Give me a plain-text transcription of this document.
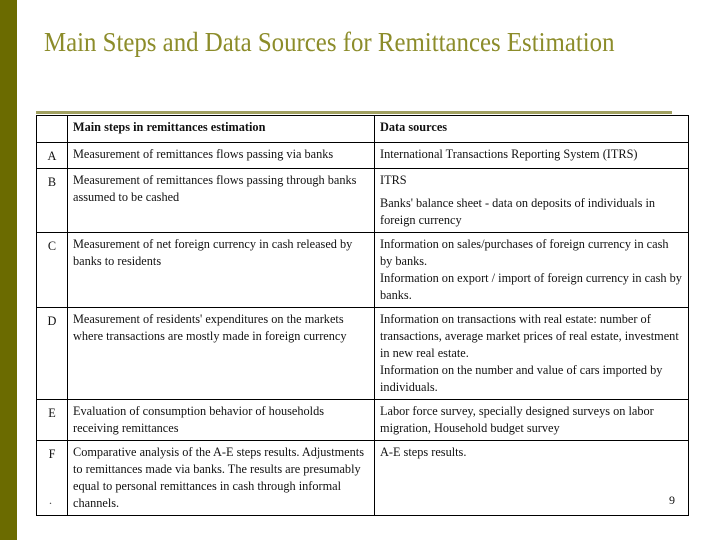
Main Steps and Data Sources for Remittances Estimation
	Main steps in remittances estimation	Data sources
A	Measurement of remittances flows passing via banks	International Transactions Reporting System (ITRS)

B	Measurement of remittances flows passing through banks assumed to be cashed	ITRS

Banks' balance sheet - data on deposits of individuals in foreign currency

C	Measurement of net foreign currency in cash released by banks to residents	Information on sales/purchases of foreign currency in cash by banks.
Information on export / import of foreign currency in cash by banks.

D	Measurement of residents' expenditures on the markets where transactions are mostly made in foreign currency	Information on transactions with real estate: number of transactions, average market prices of real estate, investment in new real estate.
Information on the number and value of cars imported by individuals.

E	Evaluation of consumption behavior of households receiving remittances	Labor force survey, specially designed surveys on labor migration, Household budget survey

F	Comparative analysis of the A-E steps results. Adjustments to remittances made via banks. The results are presumably equal to personal remittances in cash through informal channels.	A-E steps results.
.	9
